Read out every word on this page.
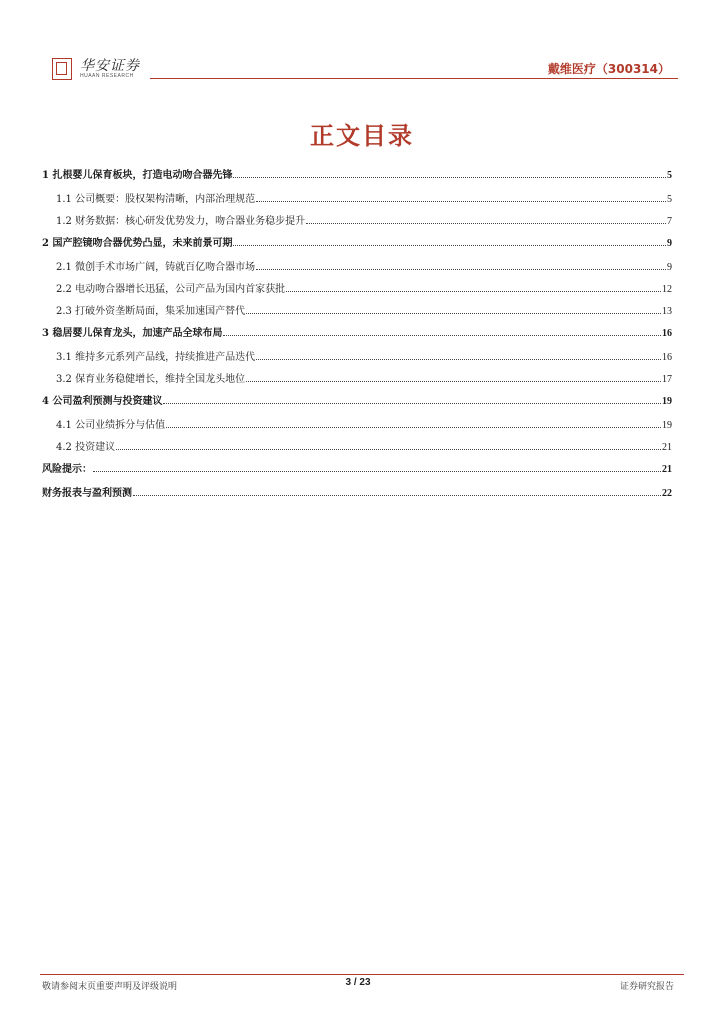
华安证券
HUAAN RESEARCH	戴维医疗（300314）
正文目录
1 扎根婴儿保育板块，打造电动吻合器先锋	5
1.1 公司概要：股权架构清晰，内部治理规范	5
1.2 财务数据：核心研发优势发力，吻合器业务稳步提升	7
2 国产腔镜吻合器优势凸显，未来前景可期	9
2.1 微创手术市场广阔，铸就百亿吻合器市场	9
2.2 电动吻合器增长迅猛，公司产品为国内首家获批	12
2.3 打破外资垄断局面，集采加速国产替代	13
3 稳居婴儿保育龙头，加速产品全球布局	16
3.1 维持多元系列产品线，持续推进产品迭代	16
3.2 保育业务稳健增长，维持全国龙头地位	17
4 公司盈利预测与投资建议	19
4.1 公司业绩拆分与估值	19
4.2 投资建议	21
风险提示：	21
财务报表与盈利预测	22
敬请参阅末页重要声明及评级说明	3 / 23	证券研究报告
